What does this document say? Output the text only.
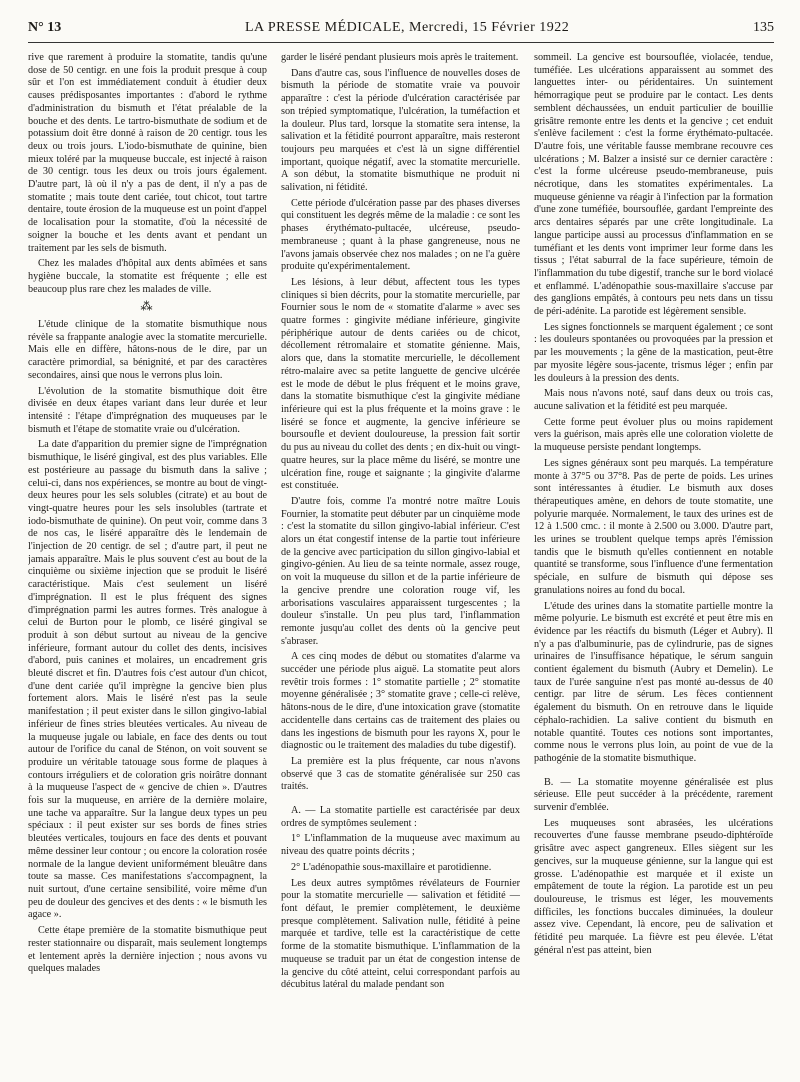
N° 13	LA PRESSE MÉDICALE, Mercredi, 15 Février 1922	135

rive que rarement à produire la stomatite, tandis qu'une dose de 50 centigr. en une fois la produit presque à coup sûr et l'on est immédiatement conduit à étudier deux causes prédisposantes importantes : d'abord le rythme d'administration du bismuth et l'état préalable de la bouche et des dents. Le tartro-bismuthate de sodium et de potassium doit être donné à raison de 20 centigr. tous les deux ou trois jours. L'iodo-bismuthate de quinine, bien mieux toléré par la muqueuse buccale, est injecté à raison de 30 centigr. tous les deux ou trois jours également. D'autre part, là où il n'y a pas de dent, il n'y a pas de stomatite ; mais toute dent cariée, tout chicot, tout tartre dentaire, toute érosion de la muqueuse est un point d'appel de localisation pour la stomatite, d'où la nécessité de soigner la bouche et les dents avant et pendant un traitement par les sels de bismuth.

Chez les malades d'hôpital aux dents abîmées et sans hygiène buccale, la stomatite est fréquente ; elle est beaucoup plus rare chez les malades de ville.

⁂

L'étude clinique de la stomatite bismuthique nous révèle sa frappante analogie avec la stomatite mercurielle. Mais elle en diffère, hâtons-nous de le dire, par un caractère primordial, sa bénignité, et par des caractères secondaires, ainsi que nous le verrons plus loin.

L'évolution de la stomatite bismuthique doit être divisée en deux étapes variant dans leur durée et leur intensité : l'étape d'imprégnation des muqueuses par le bismuth et l'étape de stomatite vraie ou d'ulcération.

La date d'apparition du premier signe de l'imprégnation bismuthique, le liséré gingival, est des plus variables. Elle est postérieure au passage du bismuth dans la salive ; celui-ci, dans nos expériences, se montre au bout de vingt-deux heures pour les sels solubles (citrate) et au bout de vingt-quatre heures pour les sels insolubles (tartrate et iodo-bismuthate de quinine). On peut voir, comme dans 3 de nos cas, le liséré apparaître dès le lendemain de l'injection de 20 centigr. de sel ; d'autre part, il peut ne jamais apparaître. Mais le plus souvent c'est au bout de la cinquième ou sixième injection que se produit le liséré caractéristique. Mais c'est seulement un liséré d'imprégnation. Il est le plus fréquent des signes d'imprégnation parmi les autres formes. Très analogue à celui de Burton pour le plomb, ce liséré gingival se produit à son début surtout au niveau de la gencive inférieure, formant autour du collet des dents, incisives d'abord, puis canines et molaires, un encadrement gris bleuté discret et fin. D'autres fois c'est autour d'un chicot, d'une dent cariée qu'il imprègne la gencive bien plus fortement alors. Mais le liséré n'est pas la seule manifestation ; il peut exister dans le sillon gingivo-labial inférieur de fines stries bleutées verticales. Au niveau de la muqueuse jugale ou labiale, en face des dents ou tout autour de l'orifice du canal de Sténon, on voit souvent se produire un véritable tatouage sous forme de plaques à contours irréguliers et de coloration gris noirâtre donnant à la muqueuse l'aspect de « gencive de chien ». D'autres fois sur la muqueuse, en arrière de la dernière molaire, une tache va apparaître. Sur la langue deux types un peu spéciaux : il peut exister sur ses bords de fines stries bleutées verticales, toujours en face des dents et pouvant même dessiner leur contour ; ou encore la coloration rosée normale de la langue devient uniformément bleuâtre dans toute sa masse. Ces manifestations s'accompagnent, la nuit surtout, d'une certaine sensibilité, voire même d'un peu de douleur des gencives et des dents : « le bismuth les agace ».

Cette étape première de la stomatite bismuthique peut rester stationnaire ou disparaît, mais seulement longtemps et lentement après la dernière injection ; nous avons vu quelques malades

garder le liséré pendant plusieurs mois après le traitement.

Dans d'autre cas, sous l'influence de nouvelles doses de bismuth la période de stomatite vraie va pouvoir apparaître : c'est la période d'ulcération caractérisée par son trépied symptomatique, l'ulcération, la tuméfaction et la douleur. Plus tard, lorsque la stomatite sera intense, la salivation et la fétidité pourront apparaître, mais resteront toujours peu marquées et c'est là un signe différentiel important, quoique négatif, avec la stomatite mercurielle. A son début, la stomatite bismuthique ne produit ni salivation, ni fétidité.

Cette période d'ulcération passe par des phases diverses qui constituent les degrés même de la maladie : ce sont les phases érythémato-pultacée, ulcéreuse, pseudo-membraneuse ; quant à la phase gangreneuse, nous ne l'avons jamais observée chez nos malades ; on ne l'a guère produite qu'expérimentalement.

Les lésions, à leur début, affectent tous les types cliniques si bien décrits, pour la stomatite mercurielle, par Fournier sous le nom de « stomatite d'alarme » avec ses quatre formes : gingivite médiane inférieure, gingivite périphérique autour de dents cariées ou de chicot, décollement rétromalaire et stomatite génienne. Mais, alors que, dans la stomatite mercurielle, le décollement rétro-malaire avec sa petite languette de gencive ulcérée est le mode de début le plus fréquent et le moins grave, dans la stomatite bismuthique c'est la gingivite médiane inférieure qui est la plus fréquente et la moins grave : le liséré se fonce et augmente, la gencive inférieure se boursoufle et devient douloureuse, la pression fait sortir du pus au niveau du collet des dents ; en dix-huit ou vingt-quatre heures, sur la place même du liséré, se montre une ulcération fine, rouge et saignante ; la gingivite d'alarme est constituée.

D'autre fois, comme l'a montré notre maître Louis Fournier, la stomatite peut débuter par un cinquième mode : c'est la stomatite du sillon gingivo-labial inférieur. C'est alors un état congestif intense de la partie tout inférieure de la gencive avec participation du sillon gingivo-labial et gingivo-génien. Au lieu de sa teinte normale, assez rouge, on voit la muqueuse du sillon et de la partie inférieure de la gencive prendre une coloration rouge vif, les arborisations vasculaires apparaissent turgescentes ; la douleur s'installe. Un peu plus tard, l'inflammation remonte jusqu'au collet des dents où la gencive peut s'abraser.

A ces cinq modes de début ou stomatites d'alarme va succéder une période plus aiguë. La stomatite peut alors revêtir trois formes : 1° stomatite partielle ; 2° stomatite moyenne généralisée ; 3° stomatite grave ; celle-ci relève, hâtons-nous de le dire, d'une intoxication grave (stomatite accidentelle dans certains cas de traitement des plaies ou dans les ingestions de bismuth pour les rayons X, pour le diagnostic ou le traitement des maladies du tube digestif).

La première est la plus fréquente, car nous n'avons observé que 3 cas de stomatite généralisée sur 250 cas traités.

A. — La stomatite partielle est caractérisée par deux ordres de symptômes seulement :

1° L'inflammation de la muqueuse avec maximum au niveau des quatre points décrits ;

2° L'adénopathie sous-maxillaire et parotidienne.

Les deux autres symptômes révélateurs de Fournier pour la stomatite mercurielle — salivation et fétidité — font défaut, le premier complètement, le deuxième presque complètement. Salivation nulle, fétidité à peine marquée et tardive, telle est la caractéristique de cette forme de la stomatite bismuthique. L'inflammation de la muqueuse se traduit par un état de congestion intense de la gencive du côté atteint, celui correspondant parfois au décubitus latéral du malade pendant son

sommeil. La gencive est boursouflée, violacée, tendue, tuméfiée. Les ulcérations apparaissent au sommet des languettes inter- ou péridentaires. Un suintement hémorragique peut se produire par le contact. Les dents semblent déchaussées, un enduit particulier de bouillie grisâtre remonte entre les dents et la gencive ; cet enduit s'enlève facilement : c'est la forme érythémato-pultacée. D'autre fois, une véritable fausse membrane recouvre ces ulcérations ; M. Balzer a insisté sur ce dernier caractère : c'est la forme ulcéreuse pseudo-membraneuse, puis nécrotique, dans les stomatites expérimentales. La muqueuse génienne va réagir à l'infection par la formation d'une zone tuméfiée, boursouflée, gardant l'empreinte des arcs dentaires séparés par une crête longitudinale. La langue participe aussi au processus d'inflammation en se tuméfiant et les dents vont imprimer leur forme dans les tissus ; l'état saburral de la face supérieure, témoin de l'inflammation du tube digestif, tranche sur le bord violacé et enflammé. L'adénopathie sous-maxillaire s'accuse par des ganglions empâtés, à contours peu nets dans un tissu de péri-adénite. La parotide est légèrement sensible.

Les signes fonctionnels se marquent également ; ce sont : les douleurs spontanées ou provoquées par la pression et par les mouvements ; la gêne de la mastication, peut-être par myosite légère sous-jacente, trismus léger ; enfin par les douleurs à la pression des dents.

Mais nous n'avons noté, sauf dans deux ou trois cas, aucune salivation et la fétidité est peu marquée.

Cette forme peut évoluer plus ou moins rapidement vers la guérison, mais après elle une coloration violette de la muqueuse persiste pendant longtemps.

Les signes généraux sont peu marqués. La température monte à 37°5 ou 37°8. Pas de perte de poids. Les urines sont intéressantes à étudier. Le bismuth aux doses thérapeutiques amène, en dehors de toute stomatite, une polyurie marquée. Normalement, le taux des urines est de 12 à 1.500 cmc. : il monte à 2.500 ou 3.000. D'autre part, les urines se troublent quelque temps après l'émission tandis que le bismuth qu'elles contiennent en notable quantité se transforme, sous l'influence d'une fermentation spéciale, en sulfure de bismuth qui dépose ses granulations noires au fond du bocal.

L'étude des urines dans la stomatite partielle montre la même polyurie. Le bismuth est excrété et peut être mis en évidence par les réactifs du bismuth (Léger et Aubry). Il n'y a pas d'albuminurie, pas de cylindrurie, pas de signes urinaires de l'insuffisance hépatique, le sérum sanguin contient également du bismuth (Aubry et Demelin). Le taux de l'urée sanguine n'est pas monté au-dessus de 40 centigr. par litre de sérum. Les fèces contiennent également du bismuth. On en retrouve dans le liquide céphalo-rachidien. La salive contient du bismuth en notable quantité. Toutes ces notions sont importantes, comme nous le verrons plus loin, au point de vue de la pathogénie de la stomatite bismuthique.

B. — La stomatite moyenne généralisée est plus sérieuse. Elle peut succéder à la précédente, rarement survenir d'emblée.

Les muqueuses sont abrasées, les ulcérations recouvertes d'une fausse membrane pseudo-diphtéroïde grisâtre avec aspect gangreneux. Elles siègent sur les gencives, sur la muqueuse génienne, sur la langue qui est grosse. L'adénopathie est marquée et il existe un empâtement de toute la région. La parotide est un peu douloureuse, le trismus est léger, les mouvements difficiles, les fonctions buccales diminuées, la douleur assez vive. Cependant, là encore, peu de salivation et fétidité peu marquée. La fièvre est peu élevée. L'état général n'est pas atteint, bien
